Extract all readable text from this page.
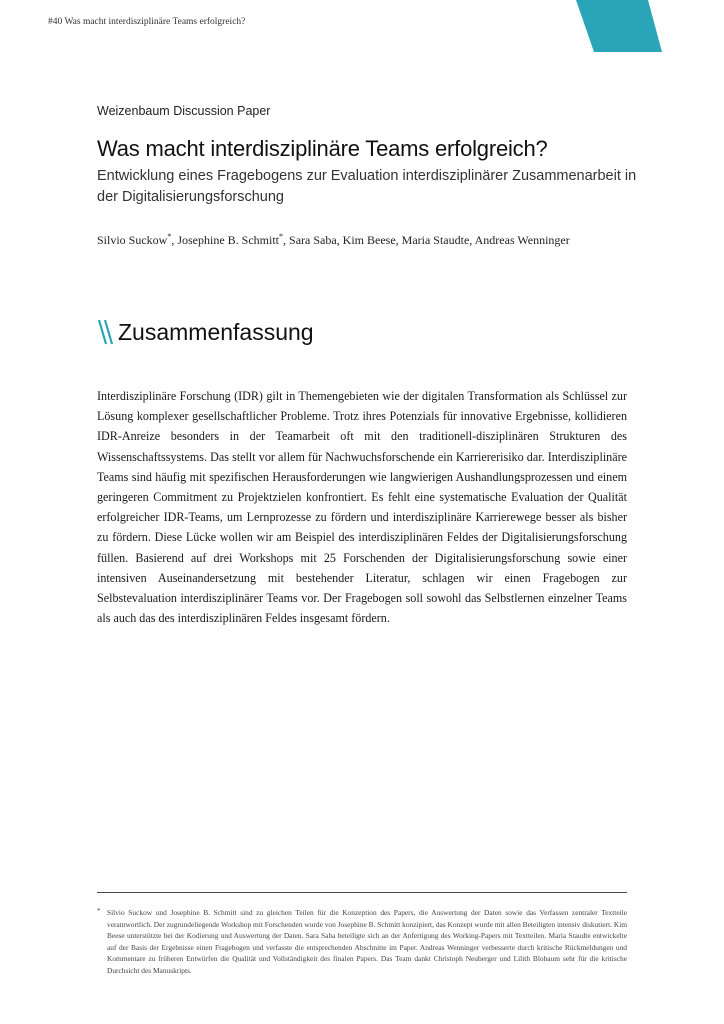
#40 Was macht interdisziplinäre Teams erfolgreich?
Weizenbaum Discussion Paper
Was macht interdisziplinäre Teams erfolgreich?
Entwicklung eines Fragebogens zur Evaluation interdisziplinärer Zusammenarbeit in der Digitalisierungsforschung
Silvio Suckow*, Josephine B. Schmitt*, Sara Saba, Kim Beese, Maria Staudte, Andreas Wenninger
Zusammenfassung

Interdisziplinäre Forschung (IDR) gilt in Themengebieten wie der digitalen Transformation als Schlüssel zur Lösung komplexer gesellschaftlicher Probleme. Trotz ihres Potenzials für innovative Ergebnisse, kollidieren IDR-Anreize besonders in der Teamarbeit oft mit den traditionell-disziplinären Strukturen des Wissenschaftssystems. Das stellt vor allem für Nachwuchsforschende ein Karriererisiko dar. Interdisziplinäre Teams sind häufig mit spezifischen Herausforderungen wie langwierigen Aushandlungsprozessen und einem geringeren Commitment zu Projektzielen konfrontiert. Es fehlt eine systematische Evaluation der Qualität erfolgreicher IDR-Teams, um Lernprozesse zu fördern und interdisziplinäre Karrierewege besser als bisher zu fördern. Diese Lücke wollen wir am Beispiel des interdisziplinären Feldes der Digitalisierungsforschung füllen. Basierend auf drei Workshops mit 25 Forschenden der Digitalisierungsforschung sowie einer intensiven Auseinandersetzung mit bestehender Literatur, schlagen wir einen Fragebogen zur Selbstevaluation interdisziplinärer Teams vor. Der Fragebogen soll sowohl das Selbstlernen einzelner Teams als auch das des interdisziplinären Feldes insgesamt fördern.

* Silvio Suckow und Josephine B. Schmitt sind zu gleichen Teilen für die Konzeption des Papers, die Auswertung der Daten sowie das Verfassen zentraler Textteile verantwortlich. Der zugrundeliegende Workshop mit Forschenden wurde von Josephine B. Schmitt konzipiert, das Konzept wurde mit allen Beteiligten intensiv diskutiert. Kim Beese unterstützte bei der Kodierung und Auswertung der Daten. Sara Saba beteiligte sich an der Anfertigung des Working-Papers mit Textteilen. Maria Staudte entwickelte auf der Basis der Ergebnisse einen Fragebogen und verfasste die entsprechenden Abschnitte im Paper. Andreas Wenninger verbesserte durch kritische Rückmeldungen und Kommentare zu früheren Entwürfen die Qualität und Vollständigkeit des finalen Papers. Das Team dankt Christoph Neuberger und Lilith Blobaum sehr für die kritische Durchsicht des Manuskripts.
